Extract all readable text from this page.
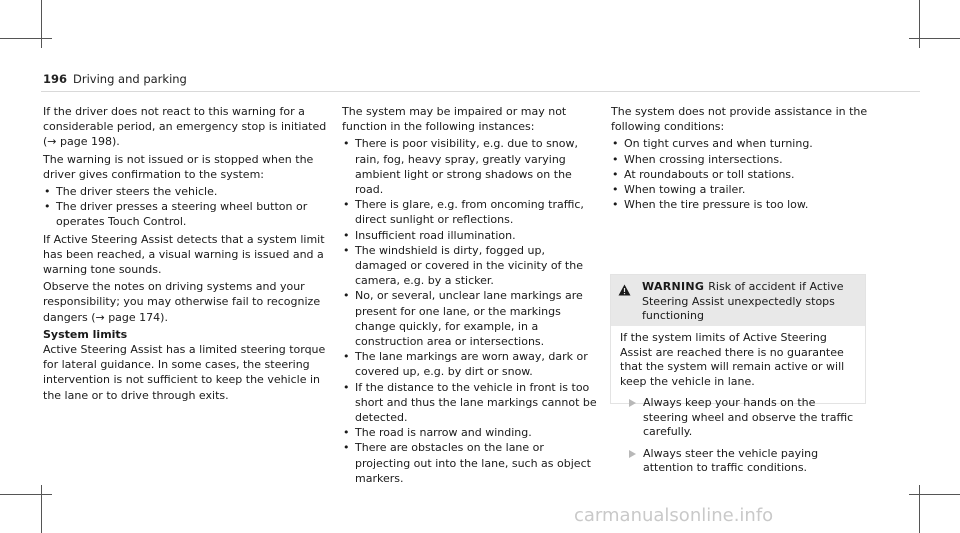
196 Driving and parking

If the driver does not react to this warning for a considerable period, an emergency stop is initiated (→ page 198).

The warning is not issued or is stopped when the driver gives confirmation to the system:

• The driver steers the vehicle.
• The driver presses a steering wheel button or operates Touch Control.

If Active Steering Assist detects that a system limit has been reached, a visual warning is issued and a warning tone sounds.

Observe the notes on driving systems and your responsibility; you may otherwise fail to recognize dangers (→ page 174).

System limits

Active Steering Assist has a limited steering torque for lateral guidance. In some cases, the steering intervention is not sufficient to keep the vehicle in the lane or to drive through exits.

The system may be impaired or may not function in the following instances:

• There is poor visibility, e.g. due to snow, rain, fog, heavy spray, greatly varying ambient light or strong shadows on the road.
• There is glare, e.g. from oncoming traffic, direct sunlight or reflections.
• Insufficient road illumination.
• The windshield is dirty, fogged up, damaged or covered in the vicinity of the camera, e.g. by a sticker.
• No, or several, unclear lane markings are present for one lane, or the markings change quickly, for example, in a construction area or intersections.
• The lane markings are worn away, dark or covered up, e.g. by dirt or snow.
• If the distance to the vehicle in front is too short and thus the lane markings cannot be detected.
• The road is narrow and winding.
• There are obstacles on the lane or projecting out into the lane, such as object markers.

The system does not provide assistance in the following conditions:

• On tight curves and when turning.
• When crossing intersections.
• At roundabouts or toll stations.
• When towing a trailer.
• When the tire pressure is too low.
WARNING Risk of accident if Active Steering Assist unexpectedly stops functioning

If the system limits of Active Steering Assist are reached there is no guarantee that the system will remain active or will keep the vehicle in lane.

Always keep your hands on the steering wheel and observe the traffic carefully.
Always steer the vehicle paying attention to traffic conditions.
carmanualsonline.info
